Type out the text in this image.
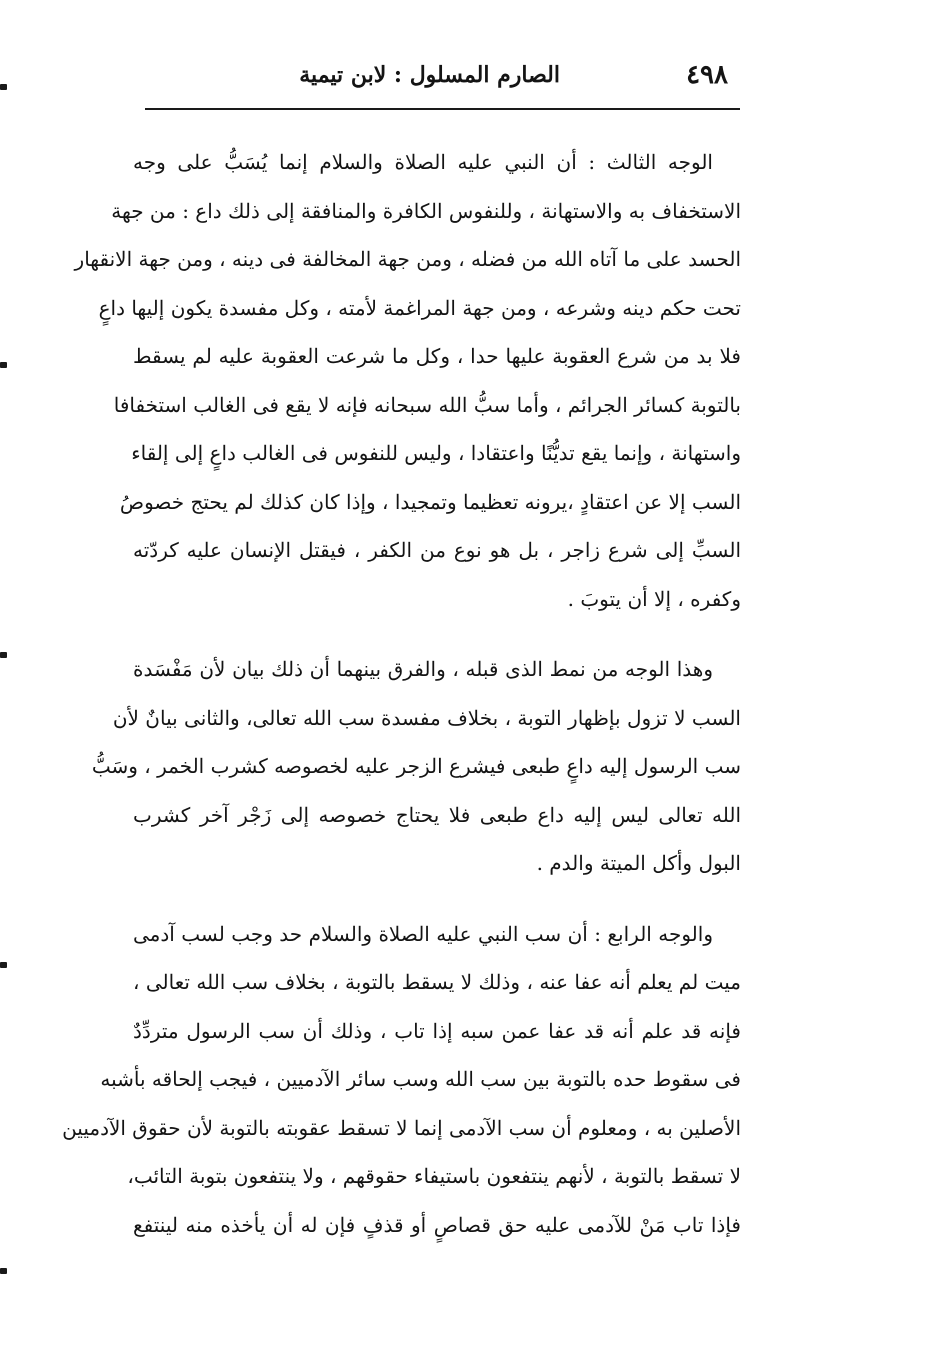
٤٩٨
الصارم المسلول : لابن تيمية
الوجه الثالث : أن النبي عليه الصلاة والسلام إنما يُسَبُّ على وجه
الاستخفاف به والاستهانة ، وللنفوس الكافرة والمنافقة إلى ذلك داع : من جهة
الحسد على ما آتاه الله من فضله ، ومن جهة المخالفة فى دينه ، ومن جهة الانقهار
تحت حكم دينه وشرعه ، ومن جهة المراغمة لأمته ، وكل مفسدة يكون إليها داعٍ
فلا بد من شرع العقوبة عليها حدا ، وكل ما شرعت العقوبة عليه لم يسقط
بالتوبة كسائر الجرائم ، وأما سبُّ الله سبحانه فإنه لا يقع فى الغالب استخفافا
واستهانة ، وإنما يقع تديُّنًا واعتقادا ، وليس للنفوس فى الغالب داعٍ إلى إلقاء
السب إلا عن اعتقادٍ ،يرونه تعظيما وتمجيدا ، وإذا كان كذلك لم يحتج خصوصُ
السبِّ إلى شرع زاجر ، بل هو نوع من الكفر ، فيقتل الإنسان عليه كردّته
وكفره ، إلا أن يتوبَ .
وهذا الوجه من نمط الذى قبله ، والفرق بينهما أن ذلك بيان لأن مَفْسَدة
السب لا تزول بإظهار التوبة ، بخلاف مفسدة سب الله تعالى، والثانى بيانٌ لأن
سب الرسول إليه داعٍ طبعى فيشرع الزجر عليه لخصوصه كشرب الخمر ، وسَبُّ
الله تعالى ليس إليه داع طبعى فلا يحتاج خصوصه إلى زَجْر آخر كشرب
البول وأكل الميتة والدم .
والوجه الرابع : أن سب النبي عليه الصلاة والسلام حد وجب لسب آدمى
ميت لم يعلم أنه عفا عنه ، وذلك لا يسقط بالتوبة ، بخلاف سب الله تعالى ،
فإنه قد علم أنه قد عفا عمن سبه إذا تاب ، وذلك أن سب الرسول متردِّدٌ
فى سقوط حده بالتوبة بين سب الله وسب سائر الآدميين ، فيجب إلحاقه بأشبه
الأصلين به ، ومعلوم أن سب الآدمى إنما لا تسقط عقوبته بالتوبة لأن حقوق الآدميين
لا تسقط بالتوبة ، لأنهم ينتفعون باستيفاء حقوقهم ، ولا ينتفعون بتوبة التائب،
فإذا تاب مَنْ للآدمى عليه حق قصاصٍ أو قذفٍ فإن له أن يأخذه منه لينتفع
